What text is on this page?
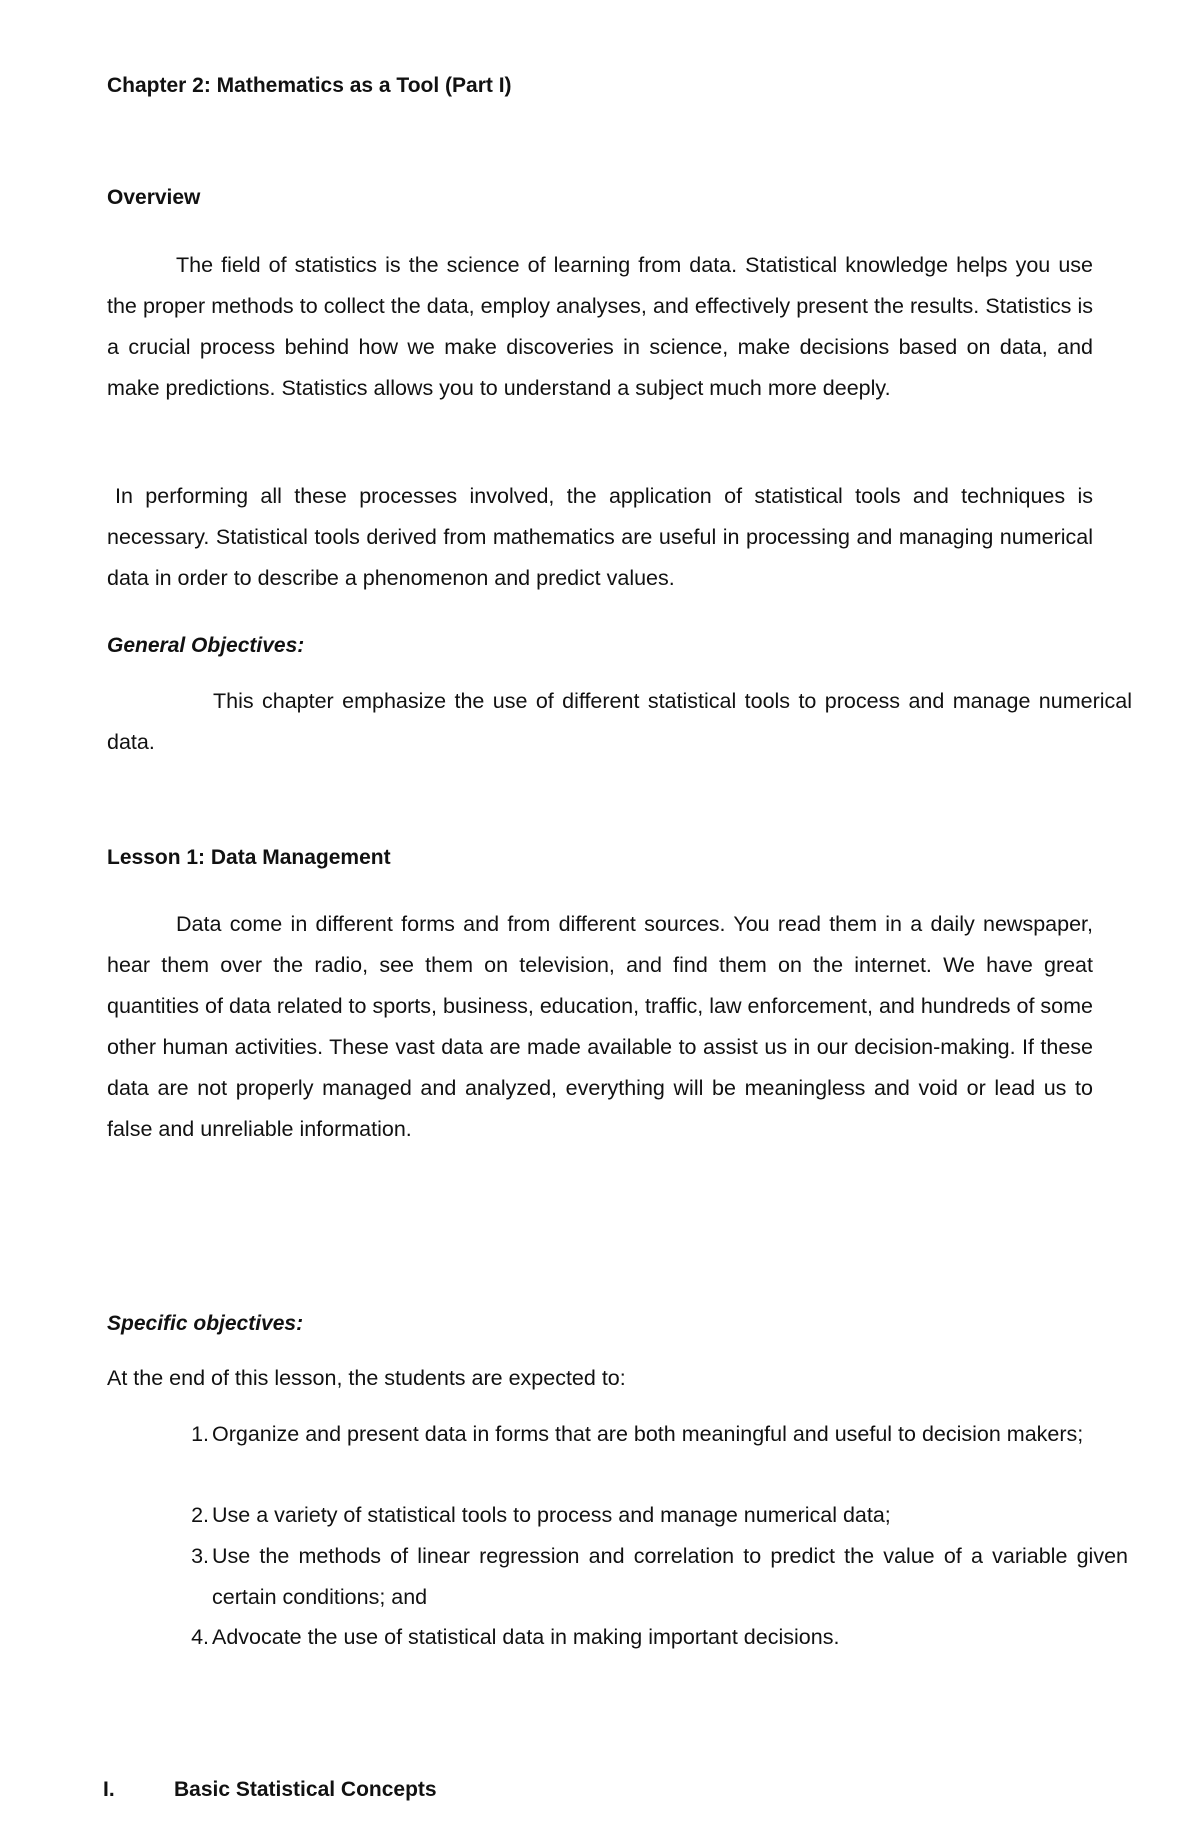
Chapter 2: Mathematics as a Tool (Part I)
Overview

The field of statistics is the science of learning from data. Statistical knowledge helps you use the proper methods to collect the data, employ analyses, and effectively present the results. Statistics is a crucial process behind how we make discoveries in science, make decisions based on data, and make predictions. Statistics allows you to understand a subject much more deeply.

In performing all these processes involved, the application of statistical tools and techniques is necessary. Statistical tools derived from mathematics are useful in processing and managing numerical data in order to describe a phenomenon and predict values.

General Objectives:

This chapter emphasize the use of different statistical tools to process and manage numerical data.

Lesson 1: Data Management

Data come in different forms and from different sources. You read them in a daily newspaper, hear them over the radio, see them on television, and find them on the internet. We have great quantities of data related to sports, business, education, traffic, law enforcement, and hundreds of some other human activities. These vast data are made available to assist us in our decision-making. If these data are not properly managed and analyzed, everything will be meaningless and void or lead us to false and unreliable information.

Specific objectives:

At the end of this lesson, the students are expected to:

1. Organize and present data in forms that are both meaningful and useful to decision makers;
2. Use a variety of statistical tools to process and manage numerical data;
3. Use the methods of linear regression and correlation to predict the value of a variable given certain conditions; and
4. Advocate the use of statistical data in making important decisions.
I.	Basic Statistical Concepts
